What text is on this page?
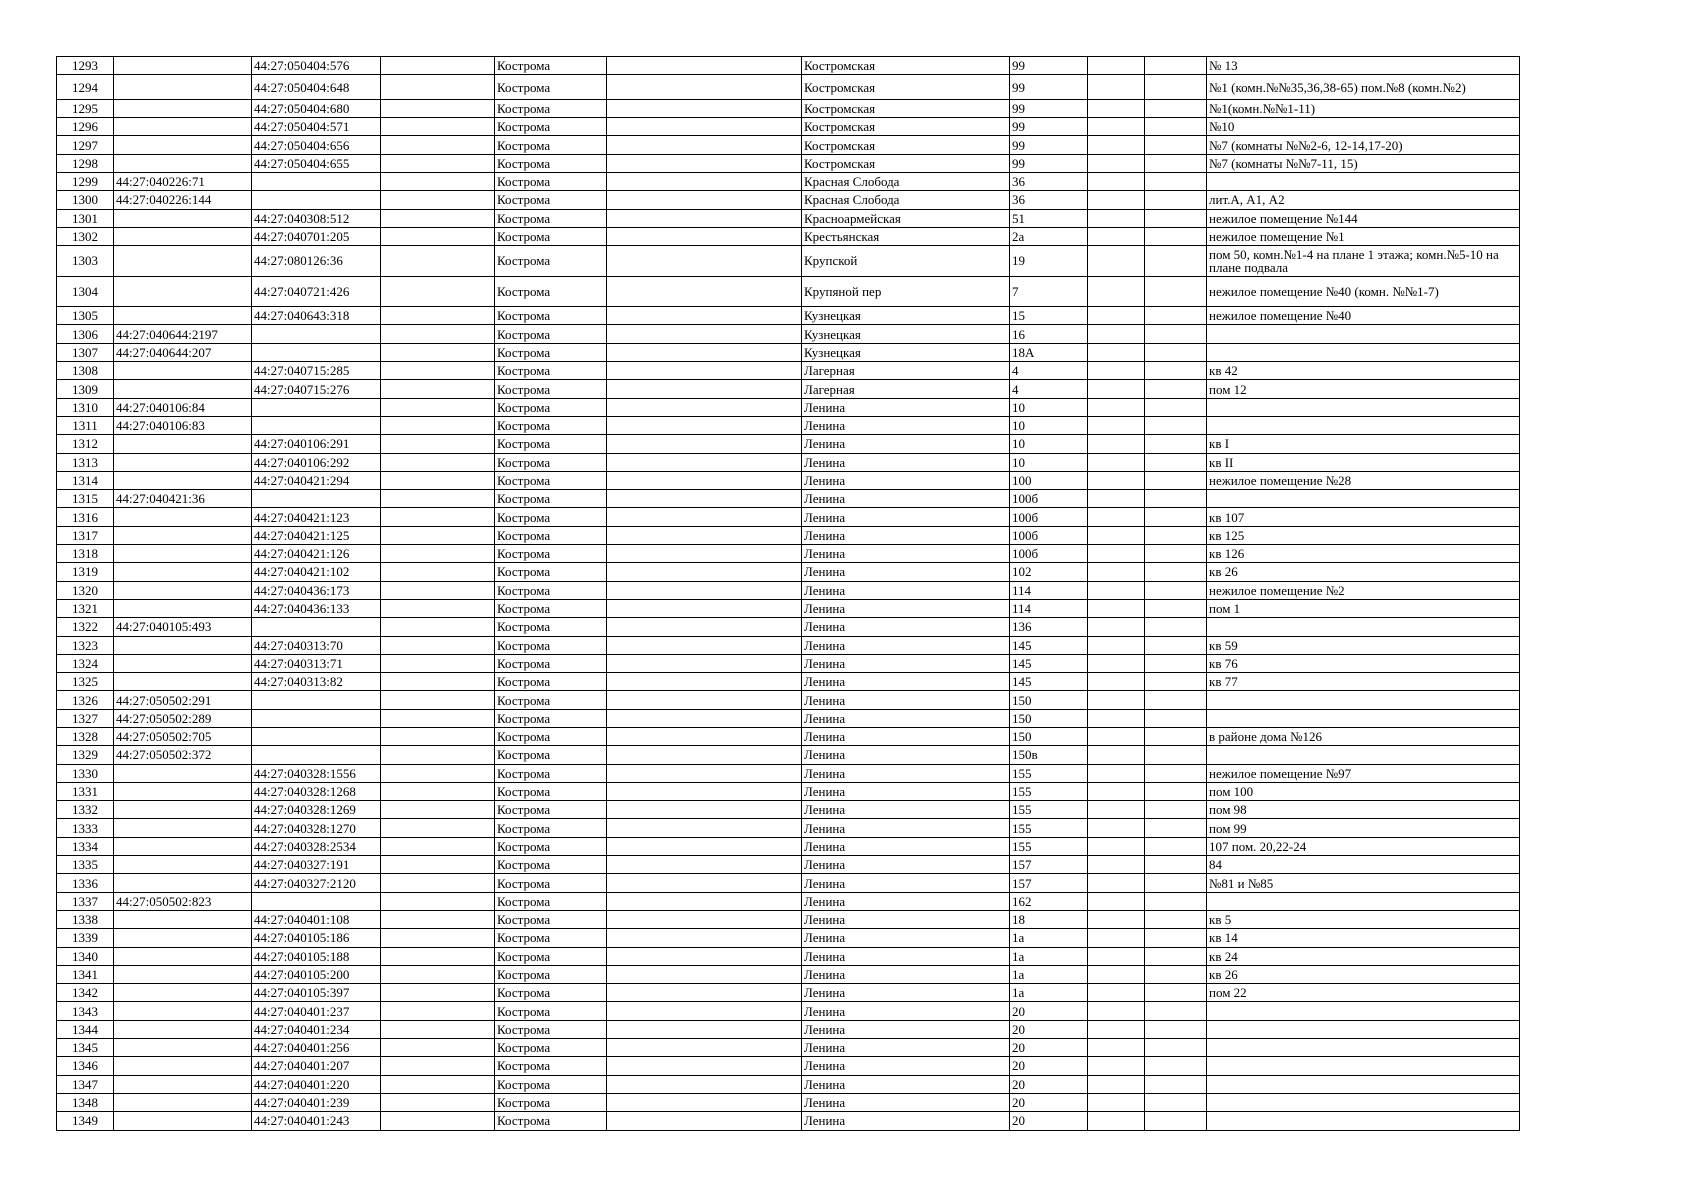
1293		44:27:050404:576		Кострома		Костромская	99			№ 13
1294		44:27:050404:648		Кострома		Костромская	99			№1 (комн.№№35,36,38-65) пом.№8 (комн.№2)
1295		44:27:050404:680		Кострома		Костромская	99			№1(комн.№№1-11)
1296		44:27:050404:571		Кострома		Костромская	99			№10
1297		44:27:050404:656		Кострома		Костромская	99			№7 (комнаты №№2-6, 12-14,17-20)
1298		44:27:050404:655		Кострома		Костромская	99			№7 (комнаты №№7-11, 15)
1299	44:27:040226:71			Кострома		Красная Слобода	36			
1300	44:27:040226:144			Кострома		Красная Слобода	36			лит.А, А1, А2
1301		44:27:040308:512		Кострома		Красноармейская	51			нежилое помещение №144
1302		44:27:040701:205		Кострома		Крестьянская	2а			нежилое помещение №1
1303		44:27:080126:36		Кострома		Крупской	19			пом 50, комн.№1-4 на плане 1 этажа; комн.№5-10 на плане подвала
1304		44:27:040721:426		Кострома		Крупяной пер	7			нежилое помещение №40 (комн. №№1-7)
1305		44:27:040643:318		Кострома		Кузнецкая	15			нежилое помещение №40
1306	44:27:040644:2197			Кострома		Кузнецкая	16			
1307	44:27:040644:207			Кострома		Кузнецкая	18А			
1308		44:27:040715:285		Кострома		Лагерная	4			кв 42
1309		44:27:040715:276		Кострома		Лагерная	4			пом 12
1310	44:27:040106:84			Кострома		Ленина	10			
1311	44:27:040106:83			Кострома		Ленина	10			
1312		44:27:040106:291		Кострома		Ленина	10			кв I
1313		44:27:040106:292		Кострома		Ленина	10			кв II
1314		44:27:040421:294		Кострома		Ленина	100			нежилое помещение №28
1315	44:27:040421:36			Кострома		Ленина	100б			
1316		44:27:040421:123		Кострома		Ленина	100б			кв 107
1317		44:27:040421:125		Кострома		Ленина	100б			кв 125
1318		44:27:040421:126		Кострома		Ленина	100б			кв 126
1319		44:27:040421:102		Кострома		Ленина	102			кв 26
1320		44:27:040436:173		Кострома		Ленина	114			нежилое помещение №2
1321		44:27:040436:133		Кострома		Ленина	114			пом 1
1322	44:27:040105:493			Кострома		Ленина	136			
1323		44:27:040313:70		Кострома		Ленина	145			кв 59
1324		44:27:040313:71		Кострома		Ленина	145			кв 76
1325		44:27:040313:82		Кострома		Ленина	145			кв 77
1326	44:27:050502:291			Кострома		Ленина	150			
1327	44:27:050502:289			Кострома		Ленина	150			
1328	44:27:050502:705			Кострома		Ленина	150			в районе дома №126
1329	44:27:050502:372			Кострома		Ленина	150в			
1330		44:27:040328:1556		Кострома		Ленина	155			нежилое помещение №97
1331		44:27:040328:1268		Кострома		Ленина	155			пом 100
1332		44:27:040328:1269		Кострома		Ленина	155			пом 98
1333		44:27:040328:1270		Кострома		Ленина	155			пом 99
1334		44:27:040328:2534		Кострома		Ленина	155			107 пом. 20,22-24
1335		44:27:040327:191		Кострома		Ленина	157			84
1336		44:27:040327:2120		Кострома		Ленина	157			№81 и №85
1337	44:27:050502:823			Кострома		Ленина	162			
1338		44:27:040401:108		Кострома		Ленина	18			кв 5
1339		44:27:040105:186		Кострома		Ленина	1а			кв 14
1340		44:27:040105:188		Кострома		Ленина	1а			кв 24
1341		44:27:040105:200		Кострома		Ленина	1а			кв 26
1342		44:27:040105:397		Кострома		Ленина	1а			пом 22
1343		44:27:040401:237		Кострома		Ленина	20			
1344		44:27:040401:234		Кострома		Ленина	20			
1345		44:27:040401:256		Кострома		Ленина	20			
1346		44:27:040401:207		Кострома		Ленина	20			
1347		44:27:040401:220		Кострома		Ленина	20			
1348		44:27:040401:239		Кострома		Ленина	20			
1349		44:27:040401:243		Кострома		Ленина	20			
